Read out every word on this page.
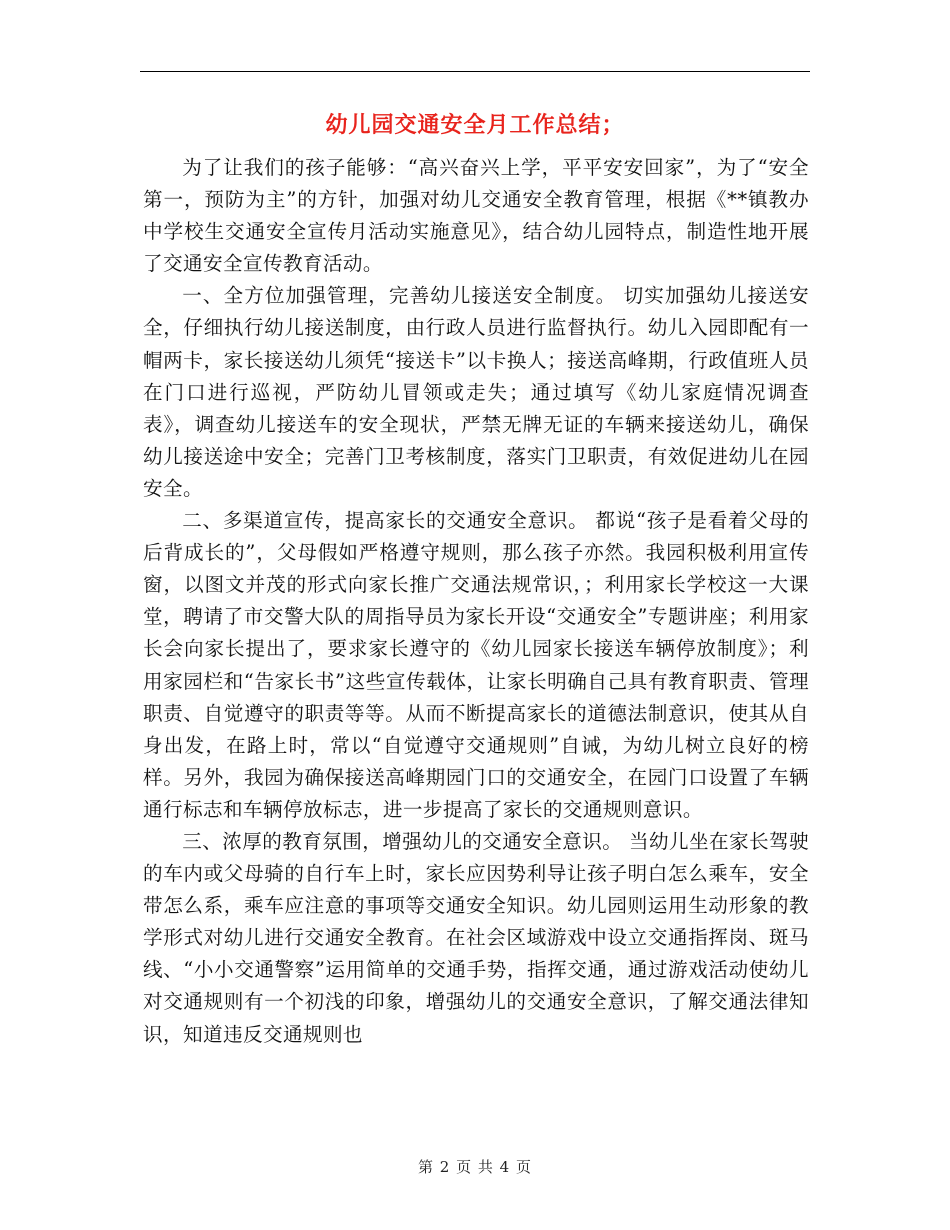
幼儿园交通安全月工作总结；

为了让我们的孩子能够：“高兴奋兴上学，平平安安回家”，为了“安全第一，预防为主”的方针，加强对幼儿交通安全教育管理，根据《**镇教办中学校生交通安全宣传月活动实施意见》，结合幼儿园特点，制造性地开展了交通安全宣传教育活动。

一、全方位加强管理，完善幼儿接送安全制度。 切实加强幼儿接送安全，仔细执行幼儿接送制度，由行政人员进行监督执行。幼儿入园即配有一帽两卡，家长接送幼儿须凭“接送卡”以卡换人；接送高峰期，行政值班人员在门口进行巡视，严防幼儿冒领或走失；通过填写《幼儿家庭情况调查表》，调查幼儿接送车的安全现状，严禁无牌无证的车辆来接送幼儿，确保幼儿接送途中安全；完善门卫考核制度，落实门卫职责，有效促进幼儿在园安全。

二、多渠道宣传，提高家长的交通安全意识。 都说“孩子是看着父母的后背成长的”，父母假如严格遵守规则，那么孩子亦然。我园积极利用宣传窗，以图文并茂的形式向家长推广交通法规常识，；利用家长学校这一大课堂，聘请了市交警大队的周指导员为家长开设“交通安全”专题讲座；利用家长会向家长提出了，要求家长遵守的《幼儿园家长接送车辆停放制度》；利用家园栏和“告家长书”这些宣传载体，让家长明确自己具有教育职责、管理职责、自觉遵守的职责等等。从而不断提高家长的道德法制意识，使其从自身出发，在路上时，常以“自觉遵守交通规则”自诫，为幼儿树立良好的榜样。另外，我园为确保接送高峰期园门口的交通安全，在园门口设置了车辆通行标志和车辆停放标志，进一步提高了家长的交通规则意识。

三、浓厚的教育氛围，增强幼儿的交通安全意识。 当幼儿坐在家长驾驶的车内或父母骑的自行车上时，家长应因势利导让孩子明白怎么乘车，安全带怎么系，乘车应注意的事项等交通安全知识。幼儿园则运用生动形象的教学形式对幼儿进行交通安全教育。在社会区域游戏中设立交通指挥岗、斑马线、“小小交通警察”运用简单的交通手势，指挥交通，通过游戏活动使幼儿对交通规则有一个初浅的印象，增强幼儿的交通安全意识，了解交通法律知识，知道违反交通规则也

第 2 页 共 4 页
